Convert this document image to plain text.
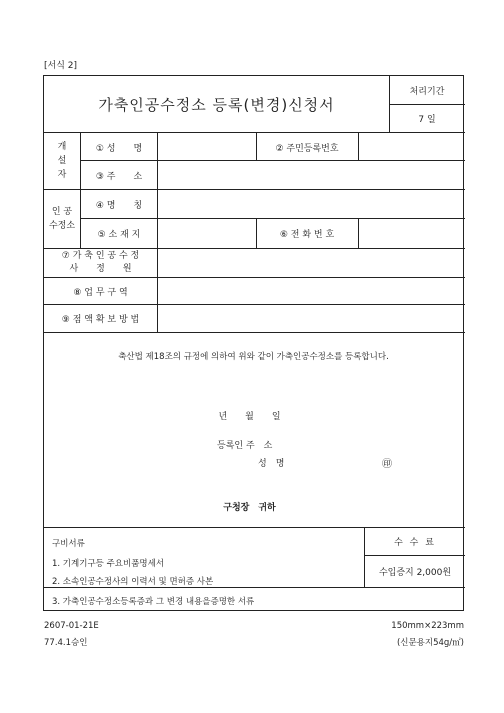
[서식 2]
가축인공수정소 등록(변경)신청서
처리기간
7 일
개
설
자
① 성　　명	② 주민등록번호
③ 주　　소
인 공
수정소
④ 명　　칭
⑤ 소 재 지	⑥ 전 화 번 호
⑦ 가 축 인 공 수 정
사　　정　　원
⑧ 업 무 구 역
⑨ 점 액 확 보 방 법
축산법 제18조의 규정에 의하여 위와 같이 가축인공수정소를 등록합니다.
년　　월　　일
등록인 주　소
성　명	㊞
구청장　귀하
구비서류
1. 기계기구등 주요비품명세서
2. 소속인공수정사의 이력서 및 면허증 사본
수 수 료
수입증지 2,000원
3. 가축인공수정소등록증과 그 변경 내용을증명한 서류
2607-01-21E
77.4.1승인
150mm×223mm
(신문용지54g/㎡)
